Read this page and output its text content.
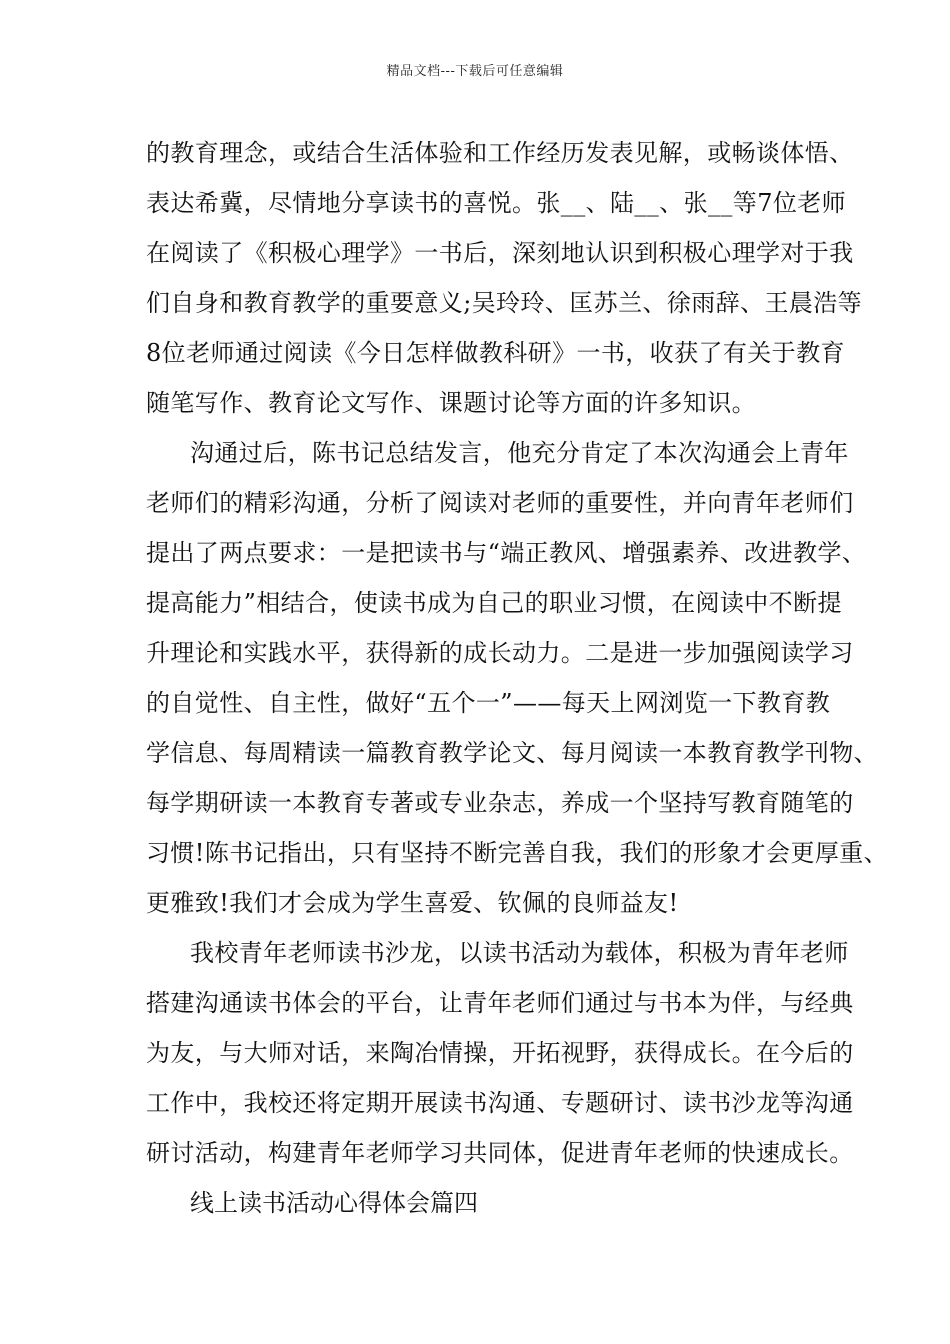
精品文档---下载后可任意编辑
的教育理念，或结合生活体验和工作经历发表见解，或畅谈体悟、
表达希冀，尽情地分享读书的喜悦。张__、陆__、张__等7位老师
在阅读了《积极心理学》一书后，深刻地认识到积极心理学对于我
们自身和教育教学的重要意义;吴玲玲、匡苏兰、徐雨辞、王晨浩等
8位老师通过阅读《今日怎样做教科研》一书，收获了有关于教育
随笔写作、教育论文写作、课题讨论等方面的许多知识。
沟通过后，陈书记总结发言，他充分肯定了本次沟通会上青年
老师们的精彩沟通，分析了阅读对老师的重要性，并向青年老师们
提出了两点要求：一是把读书与“端正教风、增强素养、改进教学、
提高能力”相结合，使读书成为自己的职业习惯，在阅读中不断提
升理论和实践水平，获得新的成长动力。二是进一步加强阅读学习
的自觉性、自主性，做好“五个一”——每天上网浏览一下教育教
学信息、每周精读一篇教育教学论文、每月阅读一本教育教学刊物、
每学期研读一本教育专著或专业杂志，养成一个坚持写教育随笔的
习惯!陈书记指出，只有坚持不断完善自我，我们的形象才会更厚重、
更雅致!我们才会成为学生喜爱、钦佩的良师益友!
我校青年老师读书沙龙，以读书活动为载体，积极为青年老师
搭建沟通读书体会的平台，让青年老师们通过与书本为伴，与经典
为友，与大师对话，来陶冶情操，开拓视野，获得成长。在今后的
工作中，我校还将定期开展读书沟通、专题研讨、读书沙龙等沟通
研讨活动，构建青年老师学习共同体，促进青年老师的快速成长。
线上读书活动心得体会篇四
